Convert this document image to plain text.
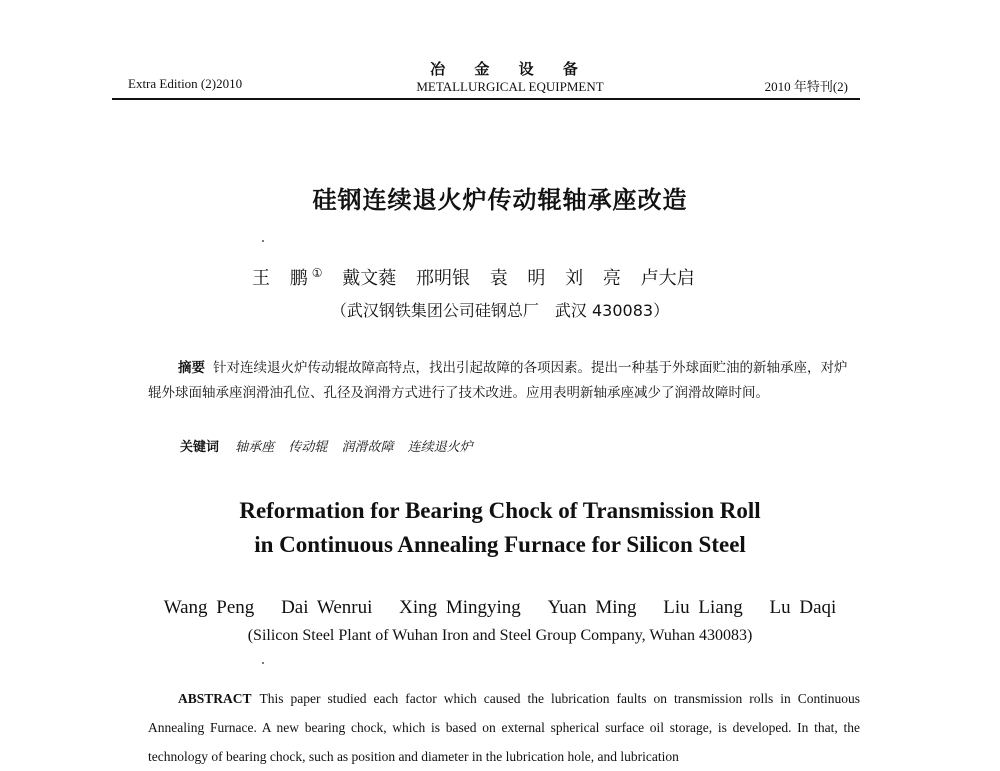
Extra Edition (2)2010
冶 金 设 备
METALLURGICAL EQUIPMENT	2010 年特刊(2)
硅钢连续退火炉传动辊轴承座改造
王 鹏 ① 戴文蕤 邢明银 袁 明 刘 亮 卢大启
（武汉钢铁集团公司硅钢总厂　武汉 430083）
摘要 针对连续退火炉传动辊故障高特点，找出引起故障的各项因素。提出一种基于外球面贮油的新轴承座，对炉辊外球面轴承座润滑油孔位、孔径及润滑方式进行了技术改进。应用表明新轴承座减少了润滑故障时间。
关键词 轴承座 传动辊 润滑故障 连续退火炉
Reformation for Bearing Chock of Transmission Roll
in Continuous Annealing Furnace for Silicon Steel
Wang Peng Dai Wenrui Xing Mingying Yuan Ming Liu Liang Lu Daqi
(Silicon Steel Plant of Wuhan Iron and Steel Group Company, Wuhan 430083)
ABSTRACT This paper studied each factor which caused the lubrication faults on transmission rolls in Continuous Annealing Furnace. A new bearing chock, which is based on external spherical surface oil storage, is developed. In that, the technology of bearing chock, such as position and diameter in the lubrication hole, and lubrication
